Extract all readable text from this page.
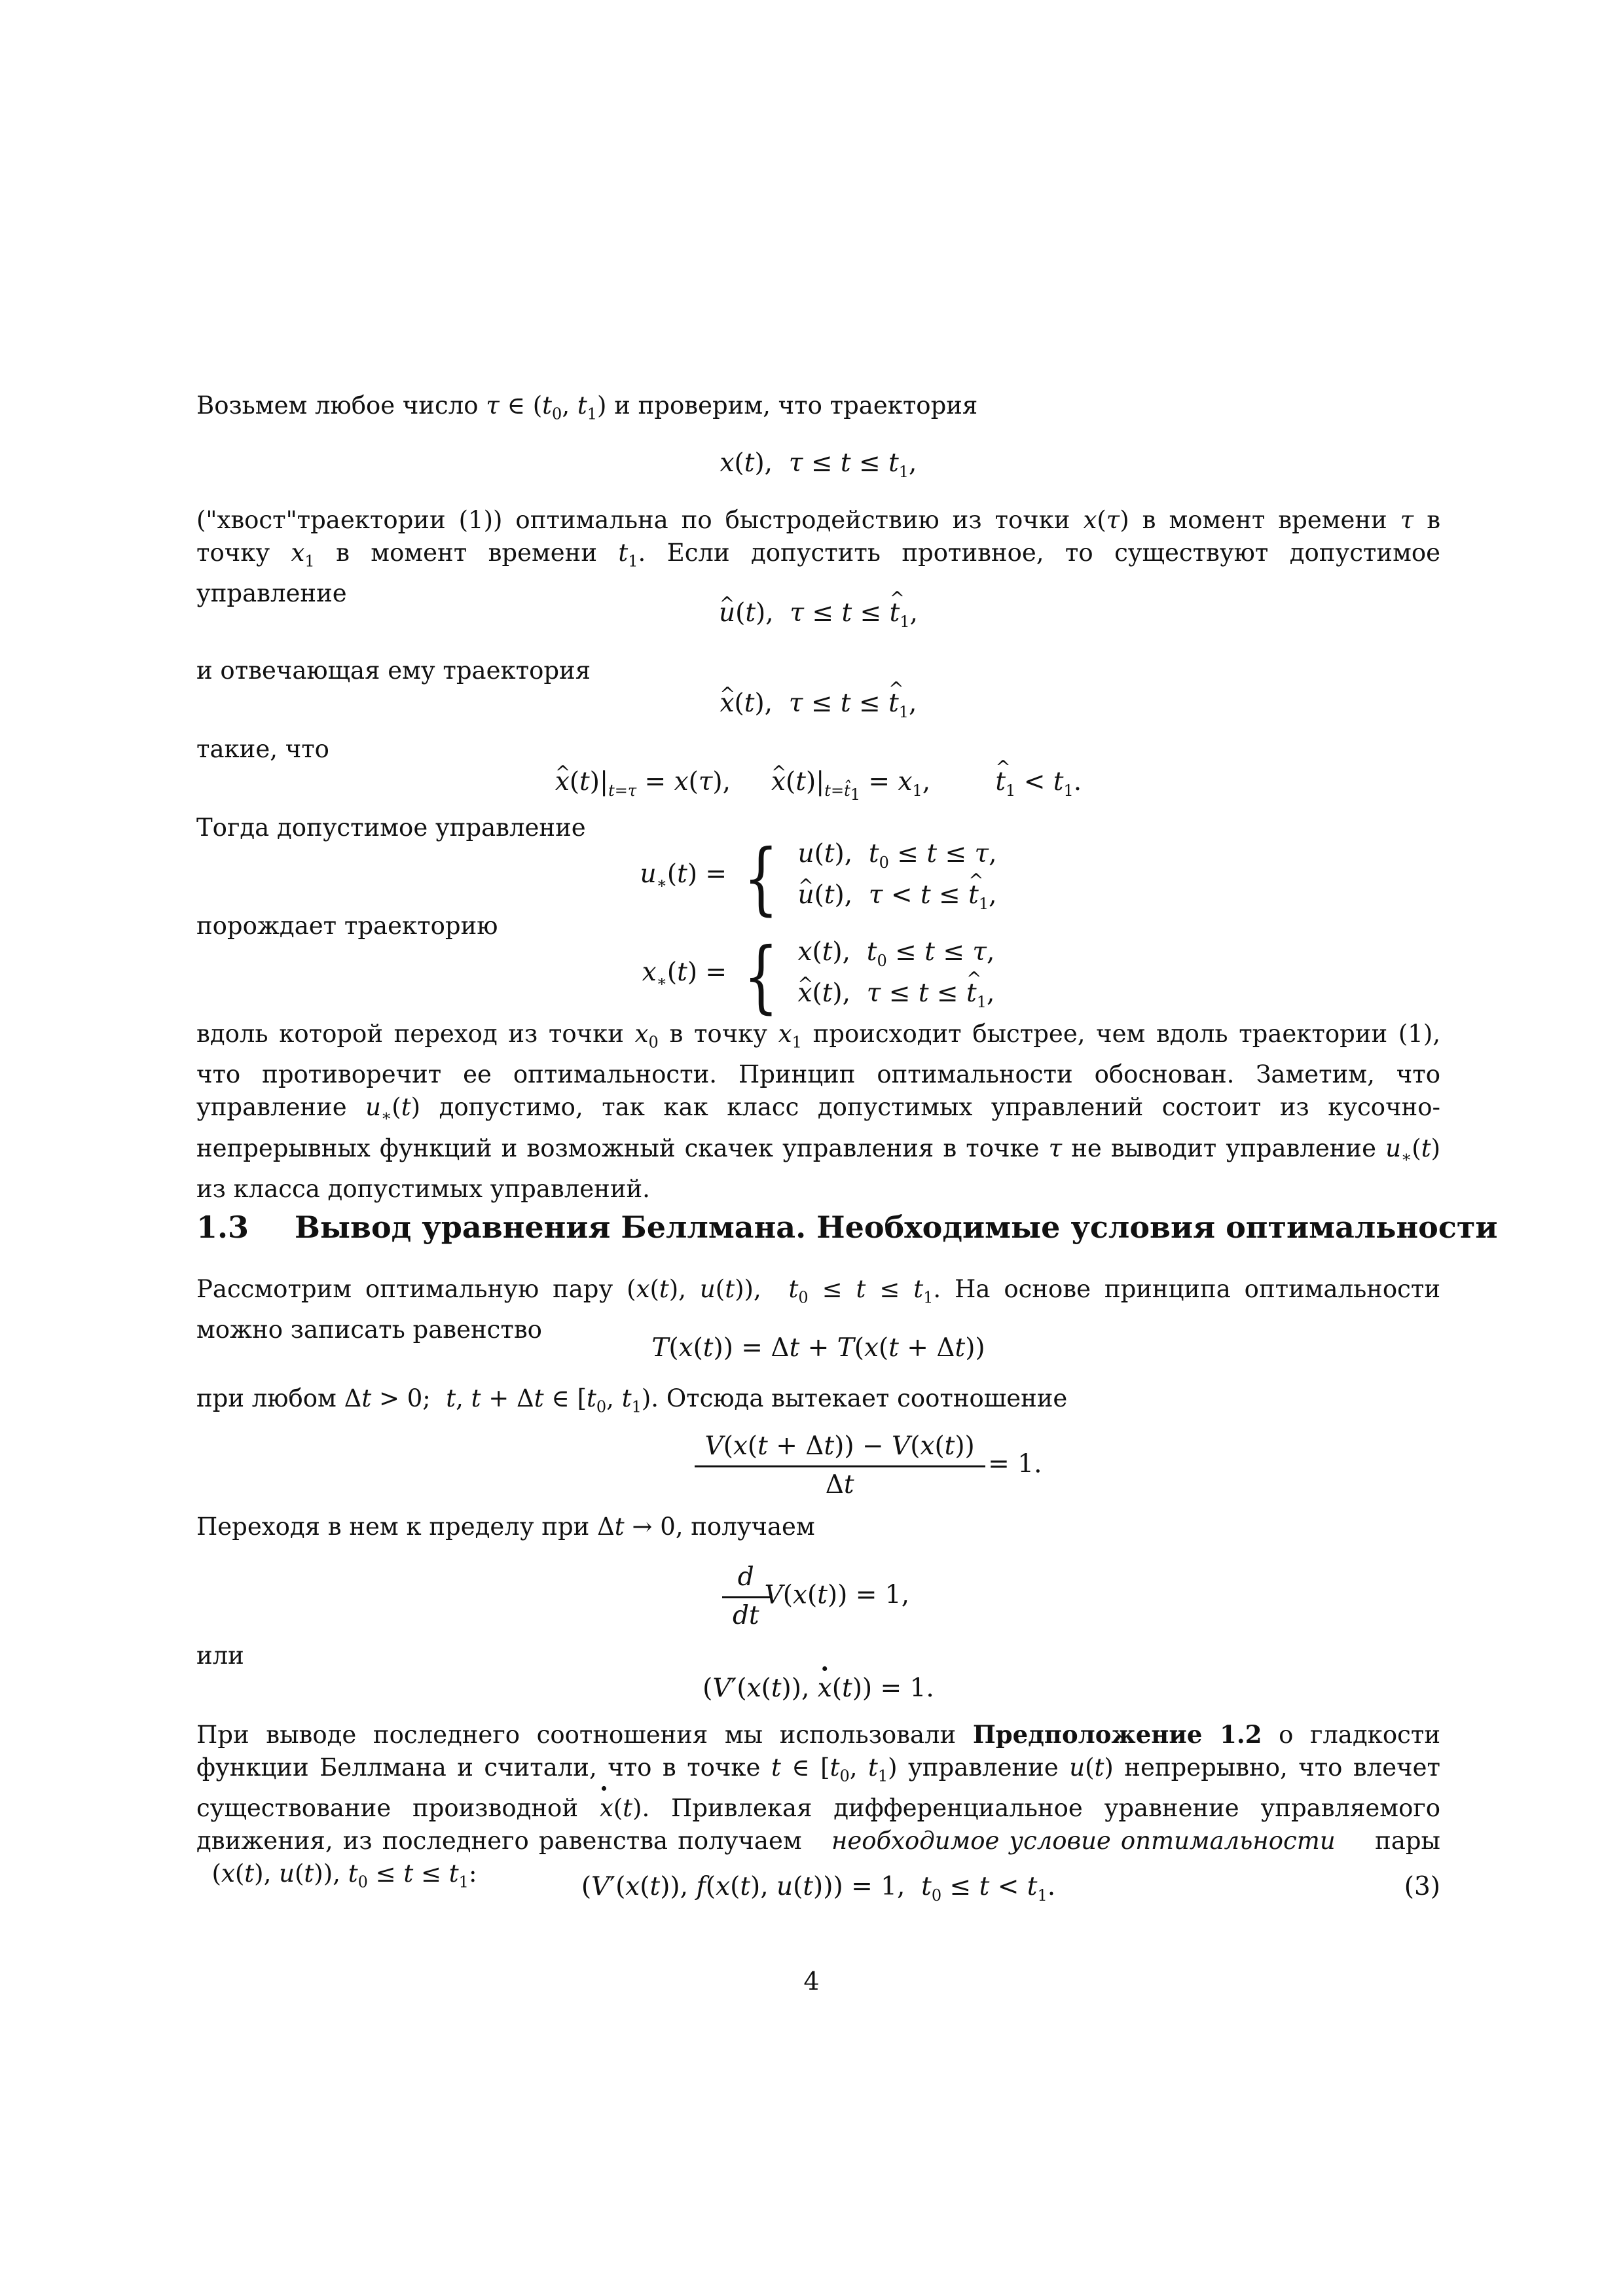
Возьмем любое число τ ∈ ($t_0$, $t_1$) и проверим, что траектория
x(t),  $\tau \le t \le t_1$,
("хвост"траектории (1)) оптимальна по быстродействию из точки x(τ) в момент времени τ в точку $x_1$ в момент времени $t_1$. Если допустить противное, то существуют допустимое управление
^ u(t),  τ ≤ t ≤ ^ $t_1$,
и отвечающая ему траектория
^ x(t),  τ ≤ t ≤ ^ $t_1$,
такие, что
^ $x(t)|_{t=\tau} = x(\tau)$,     ^ $x(t)|_{t=t̂_1} = x_1$,        ^ $t_1 < t_1$.
Тогда допустимое управление
$u_∗(t)$ = { u(t),  $t_0 \le t \le \tau$,
^ u(t),  τ < t ≤ ^ $t_1$,
порождает траекторию
$x_∗(t)$ = { x(t),  $t_0 \le t \le \tau$,
^ x(t),  τ ≤ t ≤ ^ $t_1$,
вдоль которой переход из точки $x_0$ в точку $x_1$ происходит быстрее, чем вдоль траектории (1), что противоречит ее оптимальности. Принцип оптимальности обоснован. Заметим, что управление $u_∗(t)$ допустимо, так как класс допустимых управлений состоит из кусочно-непрерывных функций и возможный скачек управления в точке τ не выводит управление $u_∗(t)$ из класса допустимых управлений.
1.3 Вывод уравнения Беллмана. Необходимые условия оптимальности
Рассмотрим оптимальную пару (x(t), u(t)),  $t_0 \le t \le t_1$. На основе принципа оптимальности можно записать равенство
T(x(t)) = Δt + T(x(t + Δt))
при любом Δt > 0;  t, t + Δt ∈ [$t_0$, $t_1$). Отсюда вытекает соотношение
$\frac{V(x(t + \Delta t)) - V(x(t))}{\Delta t} = 1$.
Переходя в нем к пределу при Δt → 0, получаем
$\frac{d}{dt} V(x(t)) = 1$,
или
(V′(x(t)), · x(t)) = 1.
При выводе последнего соотношения мы использовали Предположение 1.2 о гладкости функции Беллмана и считали, что в точке t ∈ [$t_0$, $t_1$) управление u(t) непрерывно, что влечет существование производной · x(t). Привлекая дифференциальное уравнение управляемого движения, из последнего равенства получаем необходимое условие оптимальности пары   (x(t), u(t)), $t_0 \le t \le t_1$:	(V′(x(t)), f(x(t), u(t))) = 1,  $t_0 \le t < t_1$.	(3)
4
